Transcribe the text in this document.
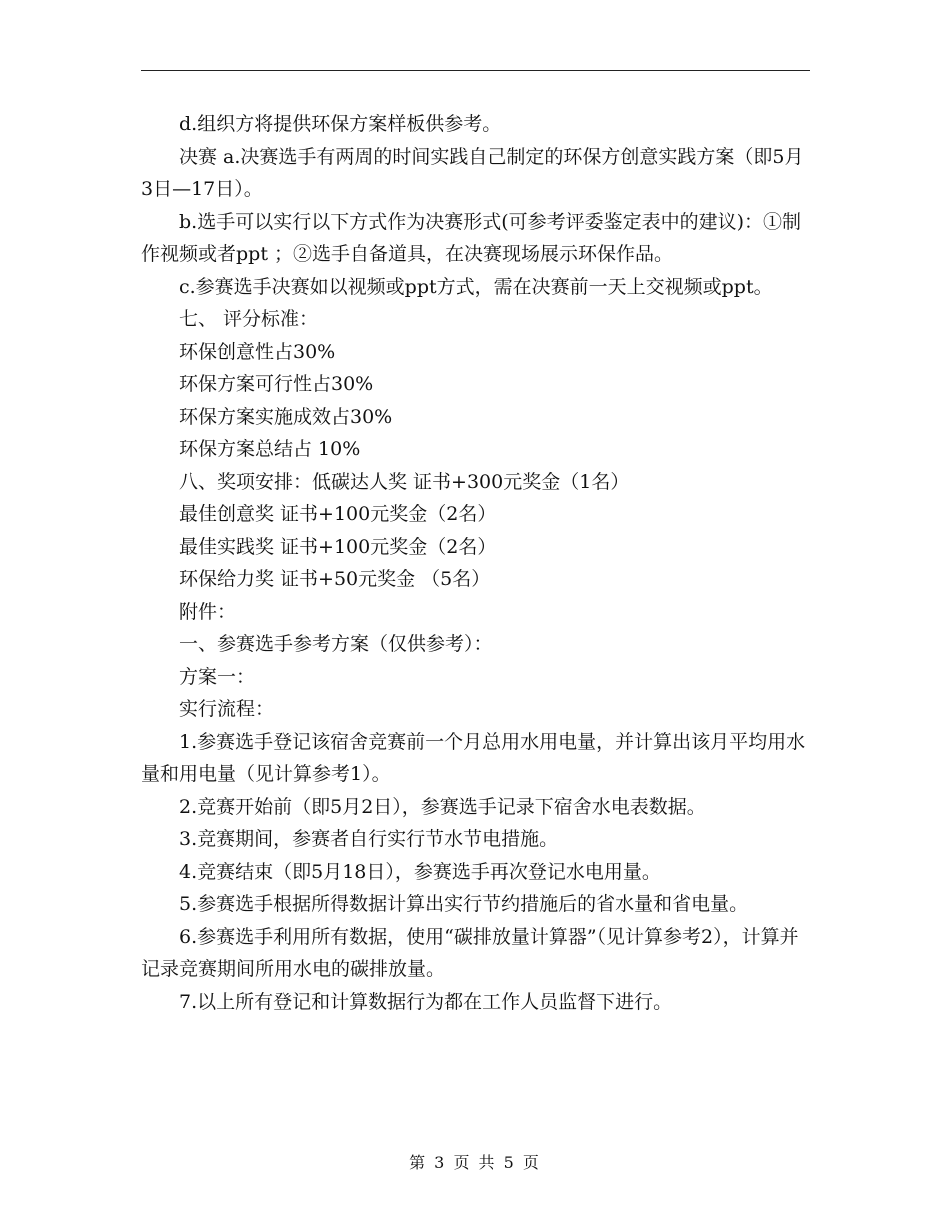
d.组织方将提供环保方案样板供参考。

决赛 a.决赛选手有两周的时间实践自己制定的环保方创意实践方案（即5月3日—17日）。

b.选手可以实行以下方式作为决赛形式(可参考评委鉴定表中的建议)：①制作视频或者ppt ；②选手自备道具，在决赛现场展示环保作品。

c.参赛选手决赛如以视频或ppt方式，需在决赛前一天上交视频或ppt。

七、 评分标准：

环保创意性占30%

环保方案可行性占30%

环保方案实施成效占30%

环保方案总结占 10%

八、奖项安排：低碳达人奖 证书+300元奖金（1名）

最佳创意奖 证书+100元奖金（2名）

最佳实践奖 证书+100元奖金（2名）

环保给力奖 证书+50元奖金 （5名）

附件：

一、参赛选手参考方案（仅供参考）：

方案一：

实行流程：

1.参赛选手登记该宿舍竞赛前一个月总用水用电量，并计算出该月平均用水量和用电量（见计算参考1）。

2.竞赛开始前（即5月2日），参赛选手记录下宿舍水电表数据。

3.竞赛期间，参赛者自行实行节水节电措施。

4.竞赛结束（即5月18日），参赛选手再次登记水电用量。

5.参赛选手根据所得数据计算出实行节约措施后的省水量和省电量。

6.参赛选手利用所有数据，使用“碳排放量计算器”（见计算参考2），计算并记录竞赛期间所用水电的碳排放量。

7.以上所有登记和计算数据行为都在工作人员监督下进行。

第 3 页 共 5 页
